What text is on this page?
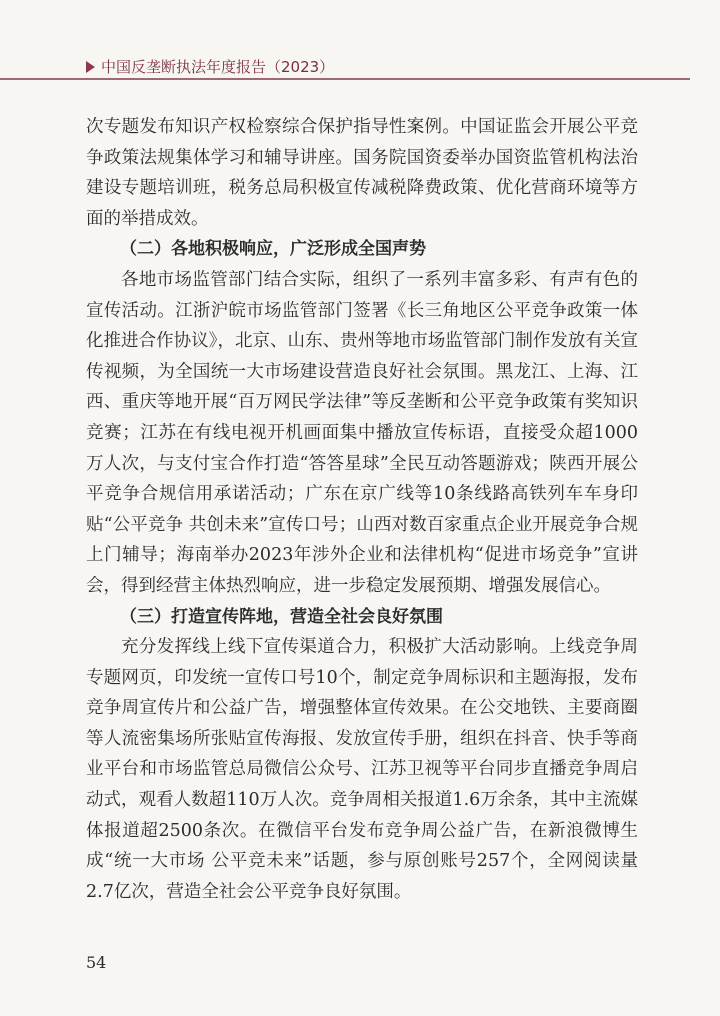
中国反垄断执法年度报告（2023）

次专题发布知识产权检察综合保护指导性案例。中国证监会开展公平竞争政策法规集体学习和辅导讲座。国务院国资委举办国资监管机构法治建设专题培训班，税务总局积极宣传减税降费政策、优化营商环境等方面的举措成效。

（二）各地积极响应，广泛形成全国声势

各地市场监管部门结合实际，组织了一系列丰富多彩、有声有色的宣传活动。江浙沪皖市场监管部门签署《长三角地区公平竞争政策一体化推进合作协议》，北京、山东、贵州等地市场监管部门制作发放有关宣传视频，为全国统一大市场建设营造良好社会氛围。黑龙江、上海、江西、重庆等地开展“百万网民学法律”等反垄断和公平竞争政策有奖知识竞赛；江苏在有线电视开机画面集中播放宣传标语，直接受众超1000万人次，与支付宝合作打造“答答星球”全民互动答题游戏；陕西开展公平竞争合规信用承诺活动；广东在京广线等10条线路高铁列车车身印贴“公平竞争 共创未来”宣传口号；山西对数百家重点企业开展竞争合规上门辅导；海南举办2023年涉外企业和法律机构“促进市场竞争”宣讲会，得到经营主体热烈响应，进一步稳定发展预期、增强发展信心。

（三）打造宣传阵地，营造全社会良好氛围

充分发挥线上线下宣传渠道合力，积极扩大活动影响。上线竞争周专题网页，印发统一宣传口号10个，制定竞争周标识和主题海报，发布竞争周宣传片和公益广告，增强整体宣传效果。在公交地铁、主要商圈等人流密集场所张贴宣传海报、发放宣传手册，组织在抖音、快手等商业平台和市场监管总局微信公众号、江苏卫视等平台同步直播竞争周启动式，观看人数超110万人次。竞争周相关报道1.6万余条，其中主流媒体报道超2500条次。在微信平台发布竞争周公益广告，在新浪微博生成“统一大市场 公平竞未来”话题，参与原创账号257个，全网阅读量2.7亿次，营造全社会公平竞争良好氛围。

54
